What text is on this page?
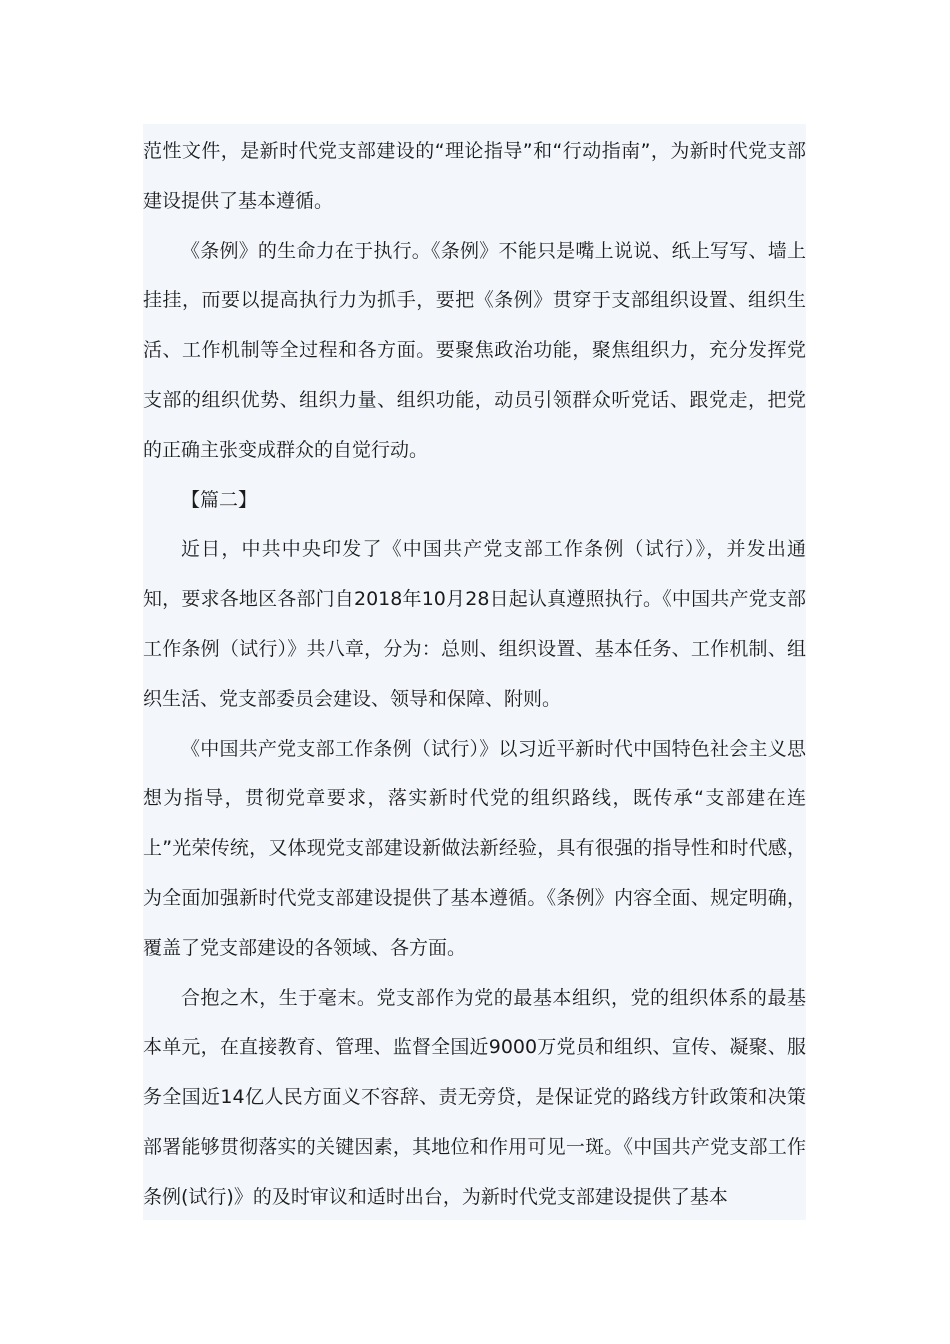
范性文件，是新时代党支部建设的“理论指导”和“行动指南”，为新时代党支部建设提供了基本遵循。

《条例》的生命力在于执行。《条例》不能只是嘴上说说、纸上写写、墙上挂挂，而要以提高执行力为抓手，要把《条例》贯穿于支部组织设置、组织生活、工作机制等全过程和各方面。要聚焦政治功能，聚焦组织力，充分发挥党支部的组织优势、组织力量、组织功能，动员引领群众听党话、跟党走，把党的正确主张变成群众的自觉行动。

【篇二】

近日，中共中央印发了《中国共产党支部工作条例（试行）》，并发出通知，要求各地区各部门自2018年10月28日起认真遵照执行。《中国共产党支部工作条例（试行）》共八章，分为：总则、组织设置、基本任务、工作机制、组织生活、党支部委员会建设、领导和保障、附则。

《中国共产党支部工作条例（试行）》以习近平新时代中国特色社会主义思想为指导，贯彻党章要求，落实新时代党的组织路线，既传承“支部建在连上”光荣传统，又体现党支部建设新做法新经验，具有很强的指导性和时代感，为全面加强新时代党支部建设提供了基本遵循。《条例》内容全面、规定明确，覆盖了党支部建设的各领域、各方面。

合抱之木，生于毫末。党支部作为党的最基本组织，党的组织体系的最基本单元，在直接教育、管理、监督全国近9000万党员和组织、宣传、凝聚、服务全国近14亿人民方面义不容辞、责无旁贷，是保证党的路线方针政策和决策部署能够贯彻落实的关键因素，其地位和作用可见一斑。《中国共产党支部工作条例(试行)》的及时审议和适时出台，为新时代党支部建设提供了基本
